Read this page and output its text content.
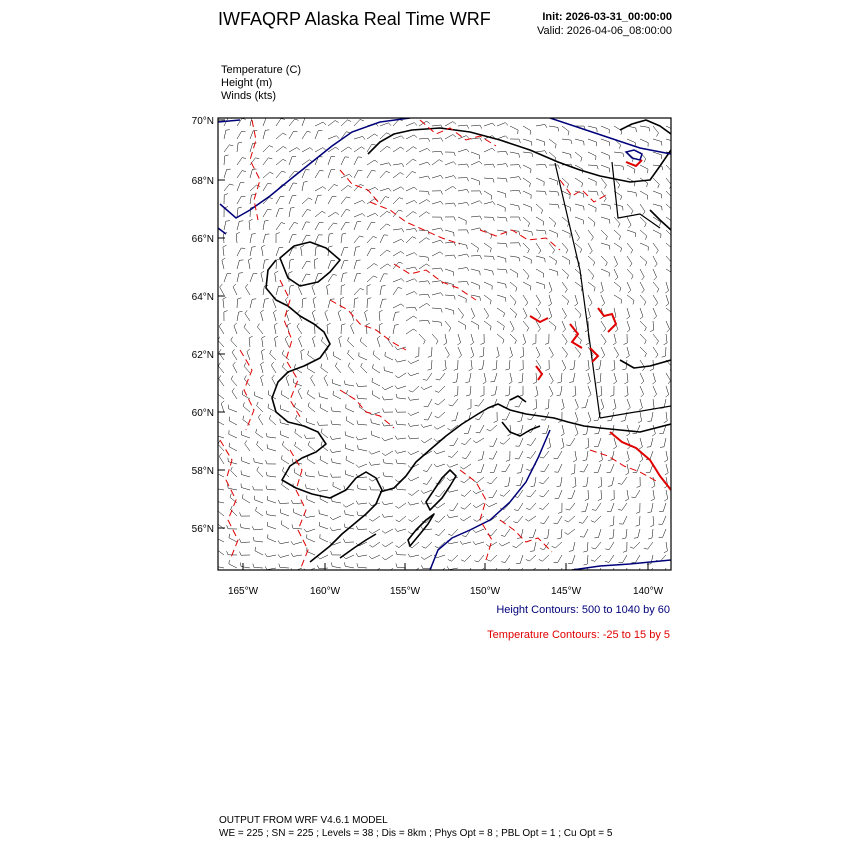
IWFAQRP Alaska Real Time WRF	Init: 2026-03-31_00:00:00
Valid: 2026-04-06_08:00:00
Temperature (C)
Height (m)
Winds (kts)
70°N
68°N
66°N
64°N
62°N
60°N
58°N
56°N
165°W	160°W	155°W	150°W	145°W	140°W
Height Contours: 500 to 1040 by 60
Temperature Contours: -25 to 15 by 5
OUTPUT FROM WRF V4.6.1 MODEL
WE = 225 ; SN = 225 ; Levels = 38 ; Dis = 8km ; Phys Opt = 8 ; PBL Opt = 1 ; Cu Opt = 5
